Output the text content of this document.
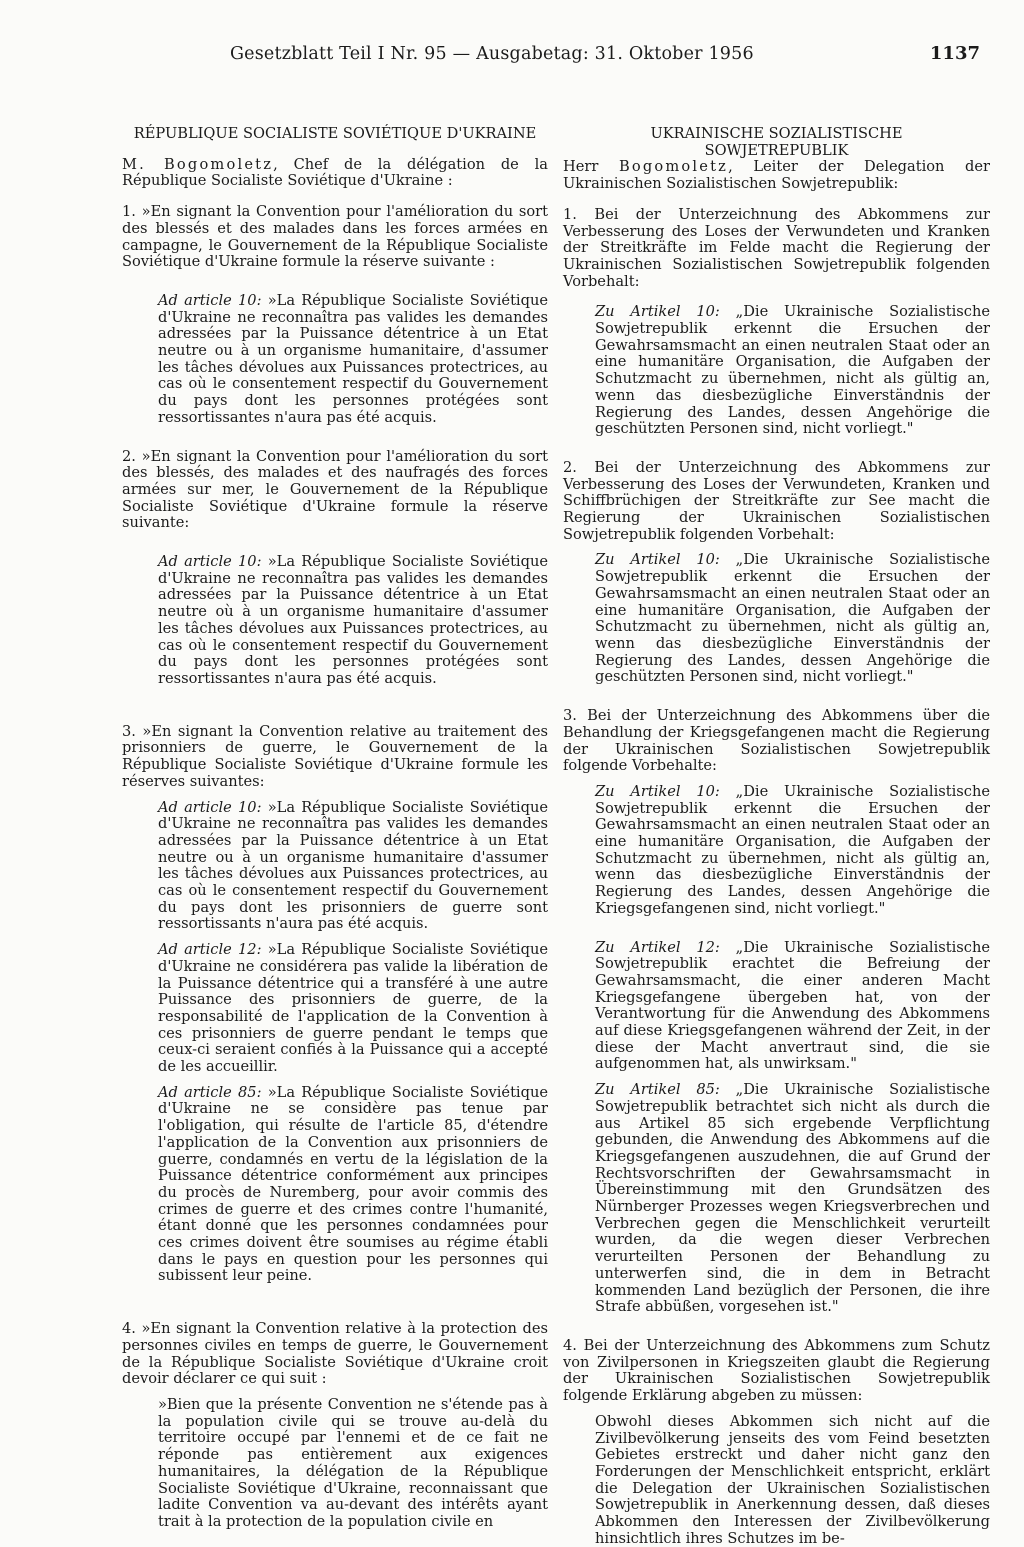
Gesetzblatt Teil I Nr. 95 — Ausgabetag: 31. Oktober 1956	1137
RÉPUBLIQUE SOCIALISTE SOVIÉTIQUE D'UKRAINE

M. Bogomoletz, Chef de la délégation de la République Socialiste Soviétique d'Ukraine :

1. »En signant la Convention pour l'amélioration du sort des blessés et des malades dans les forces armées en campagne, le Gouvernement de la République Socialiste Soviétique d'Ukraine formule la réserve suivante :

Ad article 10: »La République Socialiste Soviétique d'Ukraine ne reconnaîtra pas valides les demandes adressées par la Puissance détentrice à un Etat neutre ou à un organisme humanitaire, d'assumer les tâches dévolues aux Puissances protectrices, au cas où le consentement respectif du Gouvernement du pays dont les personnes protégées sont ressortissantes n'aura pas été acquis.

2. »En signant la Convention pour l'amélioration du sort des blessés, des malades et des naufragés des forces armées sur mer, le Gouvernement de la République Socialiste Soviétique d'Ukraine formule la réserve suivante:

Ad article 10: »La République Socialiste Soviétique d'Ukraine ne reconnaîtra pas valides les demandes adressées par la Puissance détentrice à un Etat neutre où à un organisme humanitaire d'assumer les tâches dévolues aux Puissances protectrices, au cas où le consentement respectif du Gouvernement du pays dont les personnes protégées sont ressortissantes n'aura pas été acquis.

3. »En signant la Convention relative au traitement des prisonniers de guerre, le Gouvernement de la République Socialiste Soviétique d'Ukraine formule les réserves suivantes:

Ad article 10: »La République Socialiste Soviétique d'Ukraine ne reconnaîtra pas valides les demandes adressées par la Puissance détentrice à un Etat neutre ou à un organisme humanitaire d'assumer les tâches dévolues aux Puissances protectrices, au cas où le consentement respectif du Gouvernement du pays dont les prisonniers de guerre sont ressortissants n'aura pas été acquis.

Ad article 12: »La République Socialiste Soviétique d'Ukraine ne considérera pas valide la libération de la Puissance détentrice qui a transféré à une autre Puissance des prisonniers de guerre, de la responsabilité de l'application de la Convention à ces prisonniers de guerre pendant le temps que ceux-ci seraient confiés à la Puissance qui a accepté de les accueillir.

Ad article 85: »La République Socialiste Soviétique d'Ukraine ne se considère pas tenue par l'obligation, qui résulte de l'article 85, d'étendre l'application de la Convention aux prisonniers de guerre, condamnés en vertu de la législation de la Puissance détentrice conformément aux principes du procès de Nuremberg, pour avoir commis des crimes de guerre et des crimes contre l'humanité, étant donné que les personnes condamnées pour ces crimes doivent être soumises au régime établi dans le pays en question pour les personnes qui subissent leur peine.

4. »En signant la Convention relative à la protection des personnes civiles en temps de guerre, le Gouvernement de la République Socialiste Soviétique d'Ukraine croit devoir déclarer ce qui suit :

»Bien que la présente Convention ne s'étende pas à la population civile qui se trouve au-delà du territoire occupé par l'ennemi et de ce fait ne réponde pas entièrement aux exigences humanitaires, la délégation de la République Socialiste Soviétique d'Ukraine, reconnaissant que ladite Convention va au-devant des intérêts ayant trait à la protection de la population civile en

UKRAINISCHE SOZIALISTISCHE
SOWJETREPUBLIK

Herr Bogomoletz, Leiter der Delegation der Ukrainischen Sozialistischen Sowjetrepublik:

1. Bei der Unterzeichnung des Abkommens zur Verbesserung des Loses der Verwundeten und Kranken der Streitkräfte im Felde macht die Regierung der Ukrainischen Sozialistischen Sowjetrepublik folgenden Vorbehalt:

Zu Artikel 10: „Die Ukrainische Sozialistische Sowjetrepublik erkennt die Ersuchen der Gewahrsamsmacht an einen neutralen Staat oder an eine humanitäre Organisation, die Aufgaben der Schutzmacht zu übernehmen, nicht als gültig an, wenn das diesbezügliche Einverständnis der Regierung des Landes, dessen Angehörige die geschützten Personen sind, nicht vorliegt."

2. Bei der Unterzeichnung des Abkommens zur Verbesserung des Loses der Verwundeten, Kranken und Schiffbrüchigen der Streitkräfte zur See macht die Regierung der Ukrainischen Sozialistischen Sowjetrepublik folgenden Vorbehalt:

Zu Artikel 10: „Die Ukrainische Sozialistische Sowjetrepublik erkennt die Ersuchen der Gewahrsamsmacht an einen neutralen Staat oder an eine humanitäre Organisation, die Aufgaben der Schutzmacht zu übernehmen, nicht als gültig an, wenn das diesbezügliche Einverständnis der Regierung des Landes, dessen Angehörige die geschützten Personen sind, nicht vorliegt."

3. Bei der Unterzeichnung des Abkommens über die Behandlung der Kriegsgefangenen macht die Regierung der Ukrainischen Sozialistischen Sowjetrepublik folgende Vorbehalte:

Zu Artikel 10: „Die Ukrainische Sozialistische Sowjetrepublik erkennt die Ersuchen der Gewahrsamsmacht an einen neutralen Staat oder an eine humanitäre Organisation, die Aufgaben der Schutzmacht zu übernehmen, nicht als gültig an, wenn das diesbezügliche Einverständnis der Regierung des Landes, dessen Angehörige die Kriegsgefangenen sind, nicht vorliegt."

Zu Artikel 12: „Die Ukrainische Sozialistische Sowjetrepublik erachtet die Befreiung der Gewahrsamsmacht, die einer anderen Macht Kriegsgefangene übergeben hat, von der Verantwortung für die Anwendung des Abkommens auf diese Kriegsgefangenen während der Zeit, in der diese der Macht anvertraut sind, die sie aufgenommen hat, als unwirksam."

Zu Artikel 85: „Die Ukrainische Sozialistische Sowjetrepublik betrachtet sich nicht als durch die aus Artikel 85 sich ergebende Verpflichtung gebunden, die Anwendung des Abkommens auf die Kriegsgefangenen auszudehnen, die auf Grund der Rechtsvorschriften der Gewahrsamsmacht in Übereinstimmung mit den Grundsätzen des Nürnberger Prozesses wegen Kriegsverbrechen und Verbrechen gegen die Menschlichkeit verurteilt wurden, da die wegen dieser Verbrechen verurteilten Personen der Behandlung zu unterwerfen sind, die in dem in Betracht kommenden Land bezüglich der Personen, die ihre Strafe abbüßen, vorgesehen ist."

4. Bei der Unterzeichnung des Abkommens zum Schutz von Zivilpersonen in Kriegszeiten glaubt die Regierung der Ukrainischen Sozialistischen Sowjetrepublik folgende Erklärung abgeben zu müssen:

Obwohl dieses Abkommen sich nicht auf die Zivilbevölkerung jenseits des vom Feind besetzten Gebietes erstreckt und daher nicht ganz den Forderungen der Menschlichkeit entspricht, erklärt die Delegation der Ukrainischen Sozialistischen Sowjetrepublik in Anerkennung dessen, daß dieses Abkommen den Interessen der Zivilbevölkerung hinsichtlich ihres Schutzes im be-
